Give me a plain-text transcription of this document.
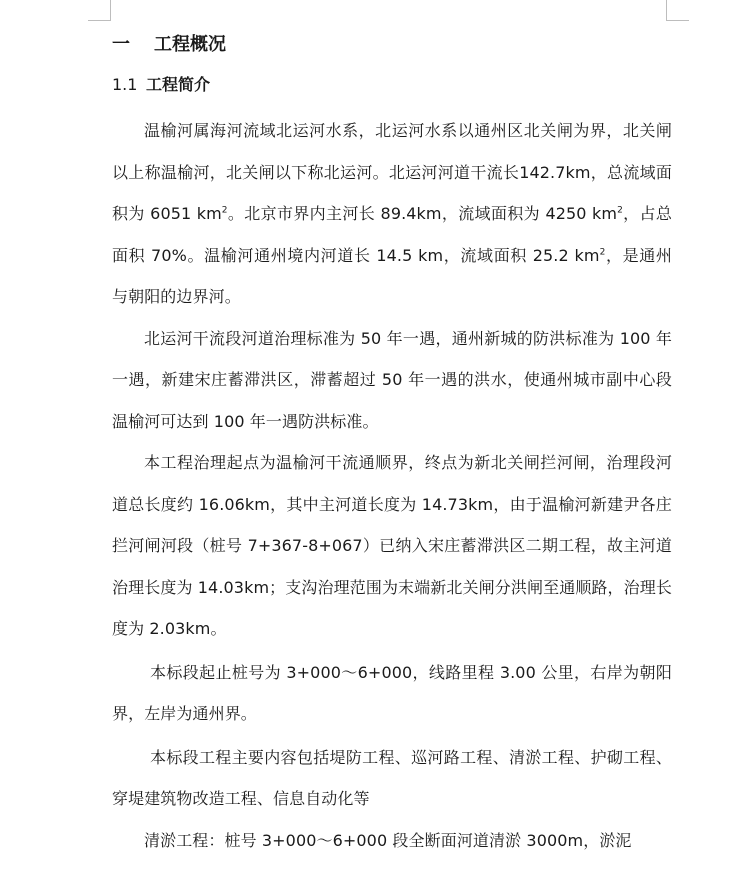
一 工程概况
1.1 工程简介

温榆河属海河流域北运河水系，北运河水系以通州区北关闸为界，北关闸以上称温榆河，北关闸以下称北运河。北运河河道干流长142.7km，总流域面积为 6051 $km^2$。北京市界内主河长 89.4km，流域面积为 4250 $km^2$，占总面积 70%。温榆河通州境内河道长 14.5 km，流域面积 25.2 $km^2$，是通州与朝阳的边界河。

北运河干流段河道治理标准为 50 年一遇，通州新城的防洪标准为 100 年一遇，新建宋庄蓄滞洪区，滞蓄超过 50 年一遇的洪水，使通州城市副中心段温榆河可达到 100 年一遇防洪标准。

本工程治理起点为温榆河干流通顺界，终点为新北关闸拦河闸，治理段河道总长度约 16.06km，其中主河道长度为 14.73km，由于温榆河新建尹各庄拦河闸河段（桩号 7+367-8+067）已纳入宋庄蓄滞洪区二期工程，故主河道治理长度为 14.03km；支沟治理范围为末端新北关闸分洪闸至通顺路，治理长度为 2.03km。

本标段起止桩号为 3+000～6+000，线路里程 3.00 公里，右岸为朝阳界，左岸为通州界。

本标段工程主要内容包括堤防工程、巡河路工程、清淤工程、护砌工程、穿堤建筑物改造工程、信息自动化等

清淤工程：桩号 3+000～6+000 段全断面河道清淤 3000m，淤泥
